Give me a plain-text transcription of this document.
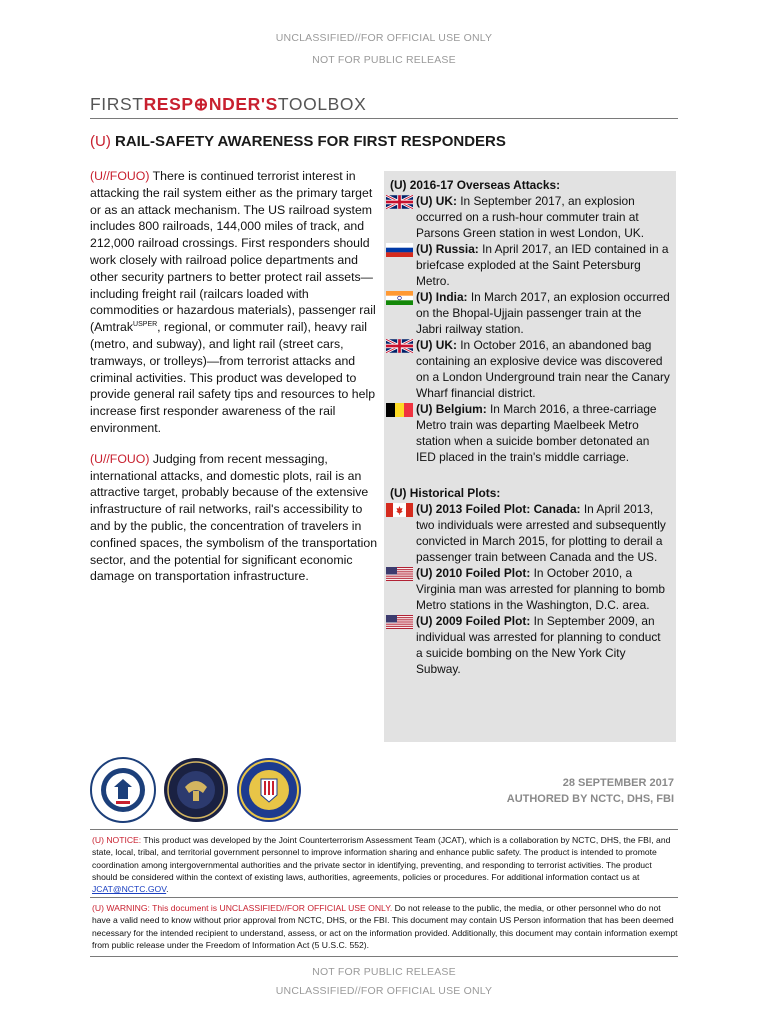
UNCLASSIFIED//FOR OFFICIAL USE ONLY
NOT FOR PUBLIC RELEASE
FIRSTRESP⊕NDER'STOOLBOX
(U) RAIL-SAFETY AWARENESS FOR FIRST RESPONDERS

(U//FOUO) There is continued terrorist interest in attacking the rail system either as the primary target or as an attack mechanism. The US railroad system includes 800 railroads, 144,000 miles of track, and 212,000 railroad crossings. First responders should work closely with railroad police departments and other security partners to better protect rail assets—including freight rail (railcars loaded with commodities or hazardous materials), passenger rail (Amtrak$^{USPER}$, regional, or commuter rail), heavy rail (metro, and subway), and light rail (street cars, tramways, or trolleys)—from terrorist attacks and criminal activities. This product was developed to provide general rail safety tips and resources to help increase first responder awareness of the rail environment.

(U//FOUO) Judging from recent messaging, international attacks, and domestic plots, rail is an attractive target, probably because of the extensive infrastructure of rail networks, rail's accessibility to and by the public, the concentration of travelers in confined spaces, the symbolism of the transportation sector, and the potential for significant economic damage on transportation infrastructure.

(U) 2016-17 Overseas Attacks:
(U) UK: In September 2017, an explosion occurred on a rush-hour commuter train at Parsons Green station in west London, UK.
(U) Russia: In April 2017, an IED contained in a briefcase exploded at the Saint Petersburg Metro.
(U) India: In March 2017, an explosion occurred on the Bhopal-Ujjain passenger train at the Jabri railway station.
(U) UK: In October 2016, an abandoned bag containing an explosive device was discovered on a London Underground train near the Canary Wharf financial district.
(U) Belgium: In March 2016, a three-carriage Metro train was departing Maelbeek Metro station when a suicide bomber detonated an IED placed in the train's middle carriage.
(U) Historical Plots:
(U) 2013 Foiled Plot: Canada: In April 2013, two individuals were arrested and subsequently convicted in March 2015, for plotting to derail a passenger train between Canada and the US.
(U) 2010 Foiled Plot: In October 2010, a Virginia man was arrested for planning to bomb Metro stations in the Washington, D.C. area.
(U) 2009 Foiled Plot: In September 2009, an individual was arrested for planning to conduct a suicide bombing on the New York City Subway.
28 SEPTEMBER 2017
AUTHORED BY NCTC, DHS, FBI
(U) NOTICE: This product was developed by the Joint Counterterrorism Assessment Team (JCAT), which is a collaboration by NCTC, DHS, the FBI, and state, local, tribal, and territorial government personnel to improve information sharing and enhance public safety. The product is intended to promote coordination among intergovernmental authorities and the private sector in identifying, preventing, and responding to terrorist activities. The product should be considered within the context of existing laws, authorities, agreements, policies or procedures. For additional information contact us at JCAT@NCTC.GOV.
(U) WARNING: This document is UNCLASSIFIED//FOR OFFICIAL USE ONLY. Do not release to the public, the media, or other personnel who do not have a valid need to know without prior approval from NCTC, DHS, or the FBI. This document may contain US Person information that has been deemed necessary for the intended recipient to understand, assess, or act on the information provided. Additionally, this document may contain information exempt from public release under the Freedom of Information Act (5 U.S.C. 552).
NOT FOR PUBLIC RELEASE
UNCLASSIFIED//FOR OFFICIAL USE ONLY
